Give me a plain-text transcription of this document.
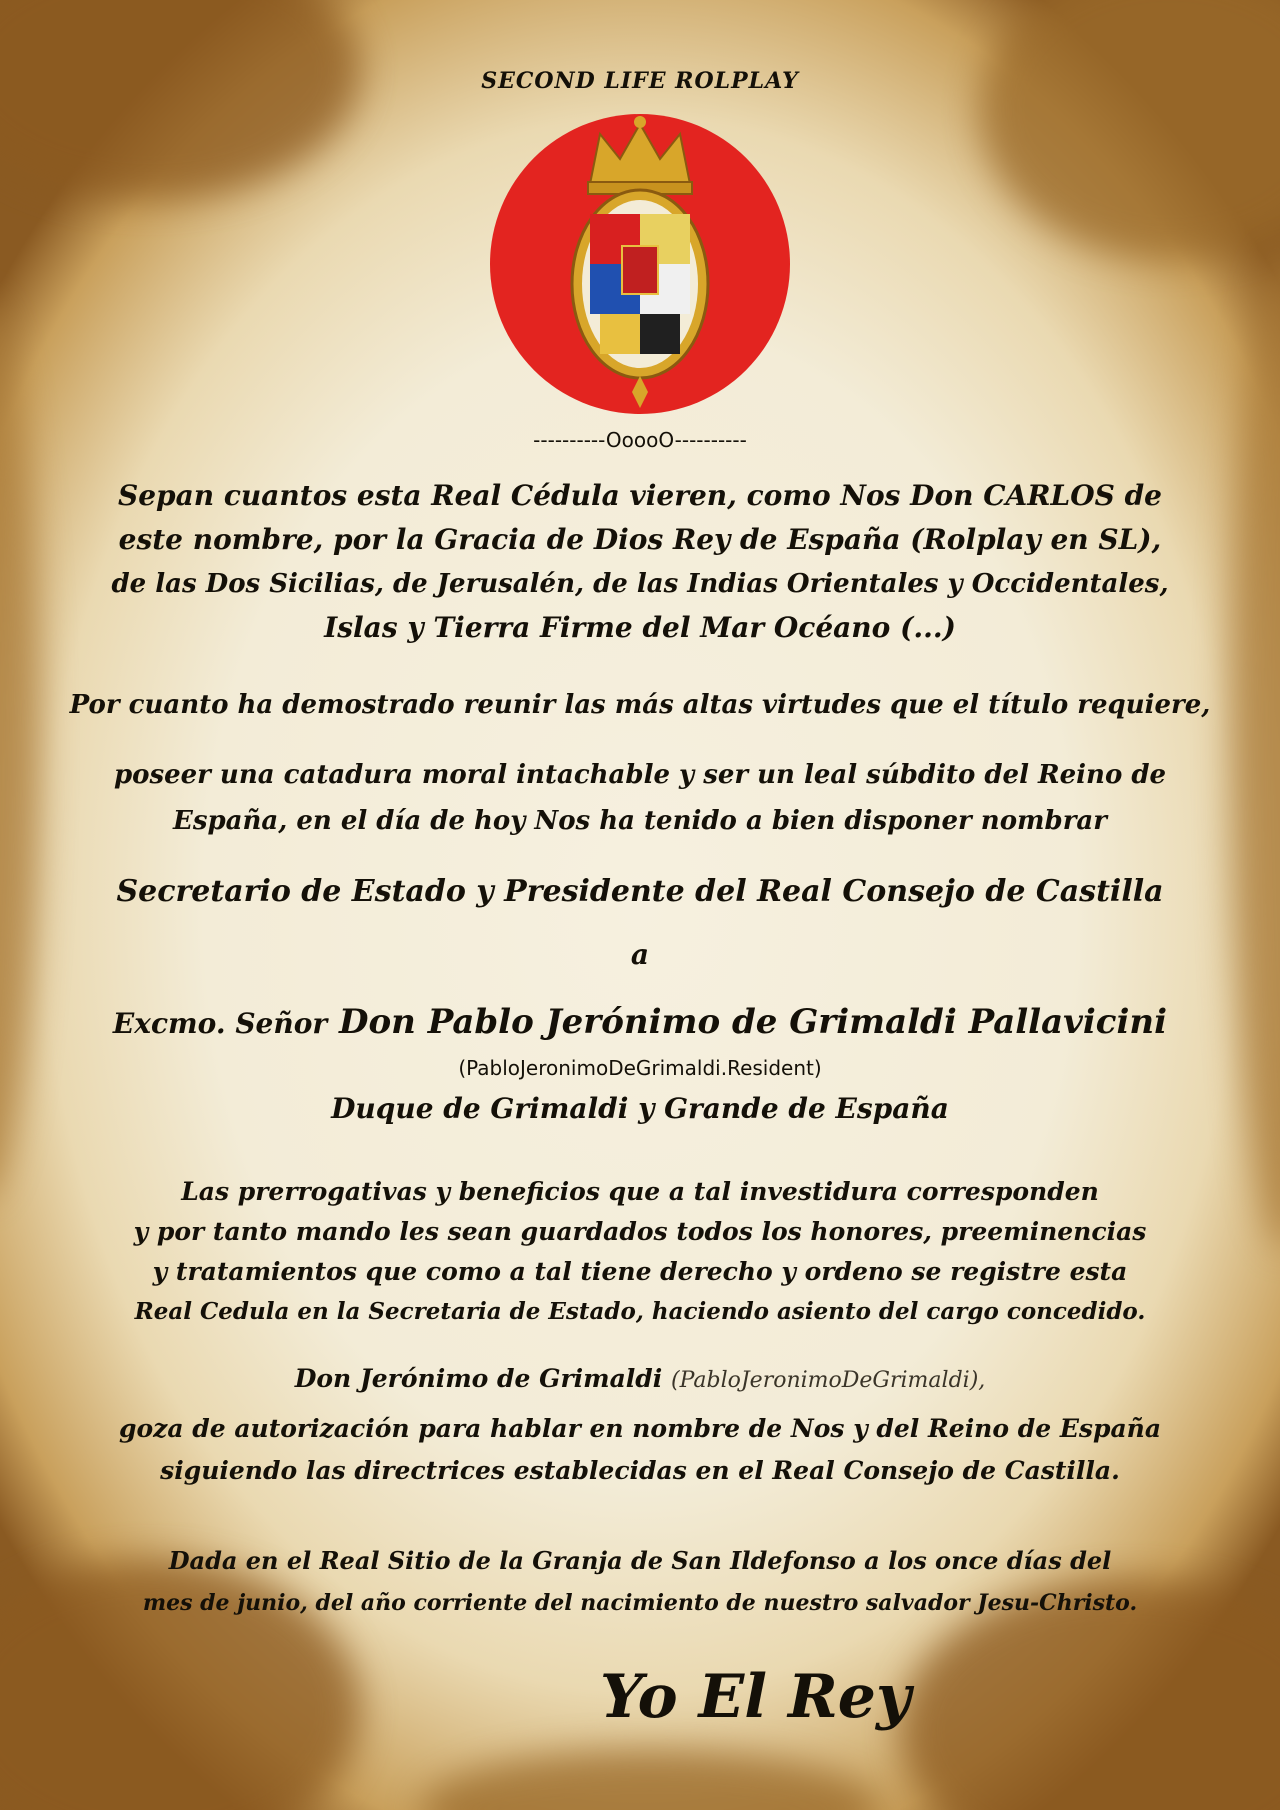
SECOND LIFE ROLPLAY
----------OoooO----------
Sepan cuantos esta Real Cédula vieren, como Nos Don CARLOS de
este nombre, por la Gracia de Dios Rey de España (Rolplay en SL),
de las Dos Sicilias, de Jerusalén, de las Indias Orientales y Occidentales,
Islas y Tierra Firme del Mar Océano (...)
Por cuanto ha demostrado reunir las más altas virtudes que el título requiere,
poseer una catadura moral intachable y ser un leal súbdito del Reino de
España, en el día de hoy Nos ha tenido a bien disponer nombrar
Secretario de Estado y Presidente del Real Consejo de Castilla
a
Excmo. Señor Don Pablo Jerónimo de Grimaldi Pallavicini
(PabloJeronimoDeGrimaldi.Resident)
Duque de Grimaldi y Grande de España
Las prerrogativas y beneficios que a tal investidura corresponden
y por tanto mando les sean guardados todos los honores, preeminencias
y tratamientos que como a tal tiene derecho y ordeno se registre esta
Real Cedula en la Secretaria de Estado, haciendo asiento del cargo concedido.
Don Jerónimo de Grimaldi (PabloJeronimoDeGrimaldi),
goza de autorización para hablar en nombre de Nos y del Reino de España
siguiendo las directrices establecidas en el Real Consejo de Castilla.
Dada en el Real Sitio de la Granja de San Ildefonso a los once días del
mes de junio, del año corriente del nacimiento de nuestro salvador Jesu-Christo.
Yo El Rey
